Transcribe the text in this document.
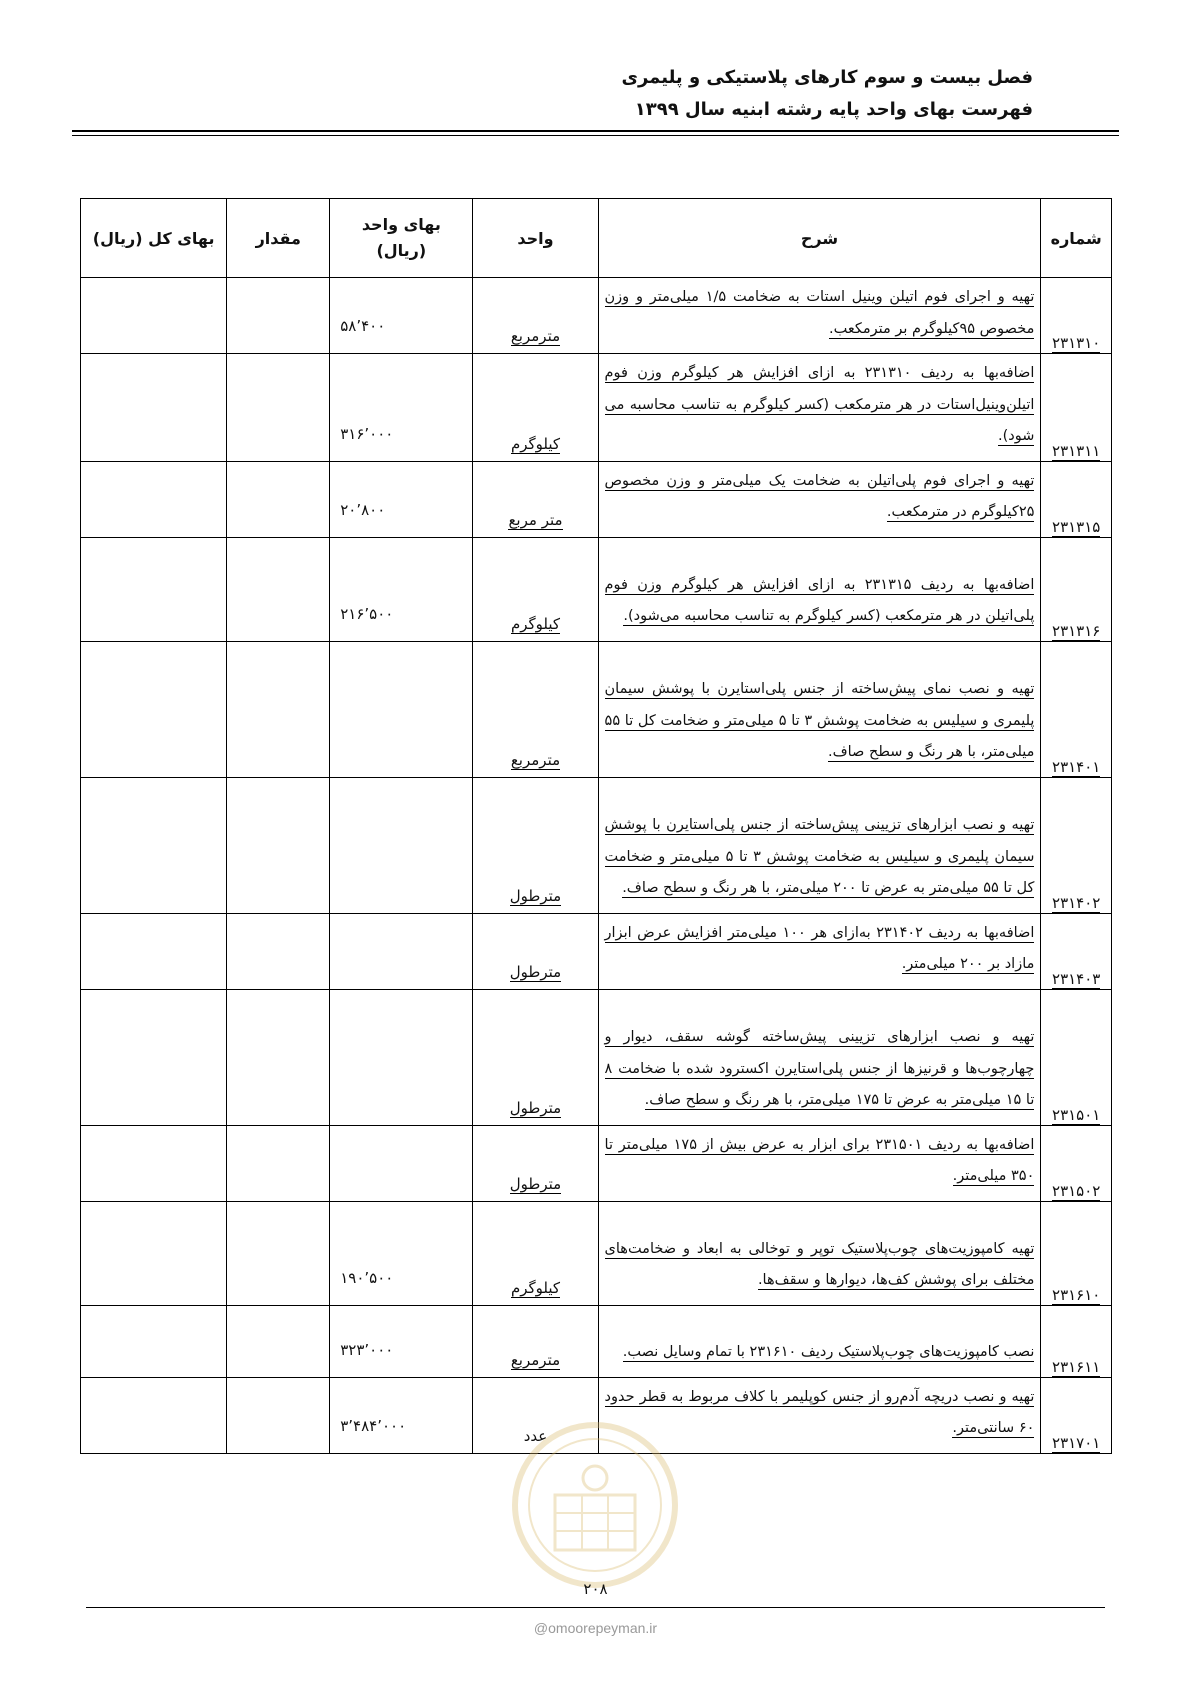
فصل بیست و سوم کارهای پلاستیکی و پلیمری
فهرست بهای واحد پایه رشته ابنیه سال ۱۳۹۹
شماره	شرح	واحد	بهای واحد (ریال)	مقدار	بهای کل (ریال)
۲۳۱۳۱۰	تهیه و اجرای فوم اتیلن وینیل استات به ضخامت ۱/۵ میلی‌متر و وزن مخصوص ۹۵کیلوگرم بر مترمکعب.	مترمربع	۵۸٬۴۰۰		
۲۳۱۳۱۱	اضافه‌بها به ردیف ۲۳۱۳۱۰ به ازای افزایش هر کیلوگرم وزن فوم اتیلن‌وینیل‌استات در هر مترمکعب (کسر کیلوگرم به تناسب محاسبه می شود).	کیلوگرم	۳۱۶٬۰۰۰		
۲۳۱۳۱۵	تهیه و اجرای فوم پلی‌اتیلن به ضخامت یک میلی‌متر و وزن مخصوص ۲۵کیلوگرم در مترمکعب.	متر مربع	۲۰٬۸۰۰		
۲۳۱۳۱۶	اضافه‌بها به ردیف ۲۳۱۳۱۵ به ازای افزایش هر کیلوگرم وزن فوم پلی‌اتیلن در هر مترمکعب (کسر کیلوگرم به تناسب محاسبه می‌شود).	کیلوگرم	۲۱۶٬۵۰۰		
۲۳۱۴۰۱	تهیه و نصب نمای پیش‌ساخته از جنس پلی‌استایرن با پوشش سیمان پلیمری و سیلیس به ضخامت پوشش ۳ تا ۵ میلی‌متر و ضخامت کل تا ۵۵ میلی‌متر، با هر رنگ و سطح صاف.	مترمربع			
۲۳۱۴۰۲	تهیه و نصب ابزارهای تزیینی پیش‌ساخته از جنس پلی‌استایرن با پوشش سیمان پلیمری و سیلیس به ضخامت پوشش ۳ تا ۵ میلی‌متر و ضخامت کل تا ۵۵ میلی‌متر به عرض تا ۲۰۰ میلی‌متر، با هر رنگ و سطح صاف.	مترطول			
۲۳۱۴۰۳	اضافه‌بها به ردیف ۲۳۱۴۰۲ به‌ازای هر ۱۰۰ میلی‌متر افزایش عرض ابزار مازاد بر ۲۰۰ میلی‌متر.	مترطول			
۲۳۱۵۰۱	تهیه و نصب ابزارهای تزیینی پیش‌ساخته گوشه سقف، دیوار و چهارچوب‌ها و قرنیزها از جنس پلی‌استایرن اکسترود شده با ضخامت ۸ تا ۱۵ میلی‌متر به عرض تا ۱۷۵ میلی‌متر، با هر رنگ و سطح صاف.	مترطول			
۲۳۱۵۰۲	اضافه‌بها به ردیف ۲۳۱۵۰۱ برای ابزار به عرض بیش از ۱۷۵ میلی‌متر تا ۳۵۰ میلی‌متر.	مترطول			
۲۳۱۶۱۰	تهیه کامپوزیت‌های چوب‌پلاستیک توپر و توخالی به ابعاد و ضخامت‌های مختلف برای پوشش کف‌ها، دیوارها و سقف‌ها.	کیلوگرم	۱۹۰٬۵۰۰		
۲۳۱۶۱۱	نصب کامپوزیت‌های چوب‌پلاستیک ردیف ۲۳۱۶۱۰ با تمام وسایل نصب.	مترمربع	۳۲۳٬۰۰۰		
۲۳۱۷۰۱	تهیه و نصب دریچه آدم‌رو از جنس کوپلیمر با کلاف مربوط به قطر حدود ۶۰ سانتی‌متر.	عدد	۳٬۴۸۴٬۰۰۰		
۲۰۸
@omoorepeyman.ir
